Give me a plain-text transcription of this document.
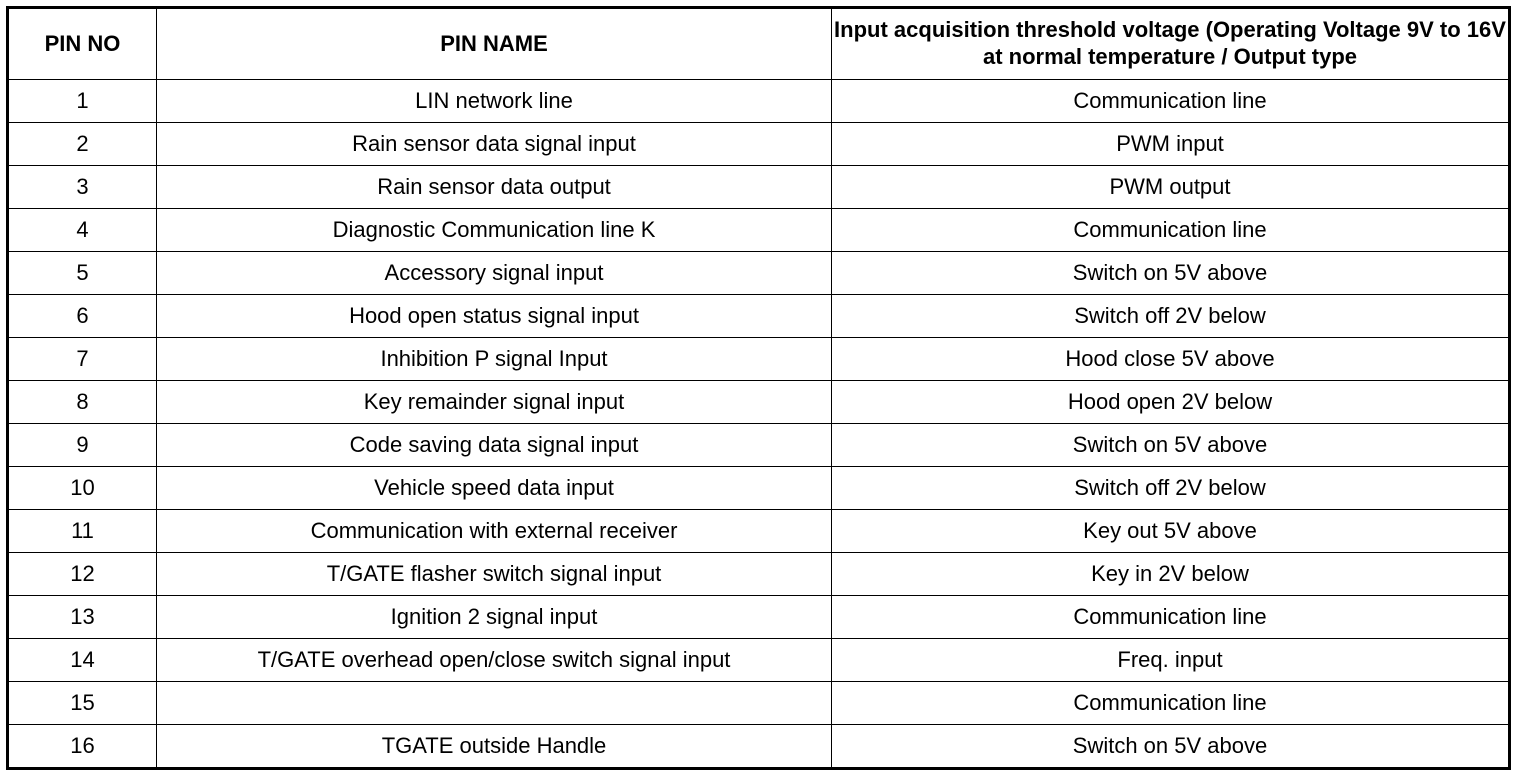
PIN NO	PIN NAME	Input acquisition threshold voltage (Operating Voltage 9V to 16V at normal temperature / Output type
1	LIN network line	Communication line
2	Rain sensor data signal input	PWM input
3	Rain sensor data output	PWM output
4	Diagnostic Communication line K	Communication line
5	Accessory signal input	Switch on 5V above
6	Hood open status signal input	Switch off 2V below
7	Inhibition P signal Input	Hood close 5V above
8	Key remainder signal input	Hood open 2V below
9	Code saving data signal input	Switch on 5V above
10	Vehicle speed data input	Switch off 2V below
11	Communication with external receiver	Key out 5V above
12	T/GATE flasher switch signal input	Key in 2V below
13	Ignition 2 signal input	Communication line
14	T/GATE overhead open/close switch signal input	Freq. input
15		Communication line
16	TGATE outside Handle	Switch on 5V above
